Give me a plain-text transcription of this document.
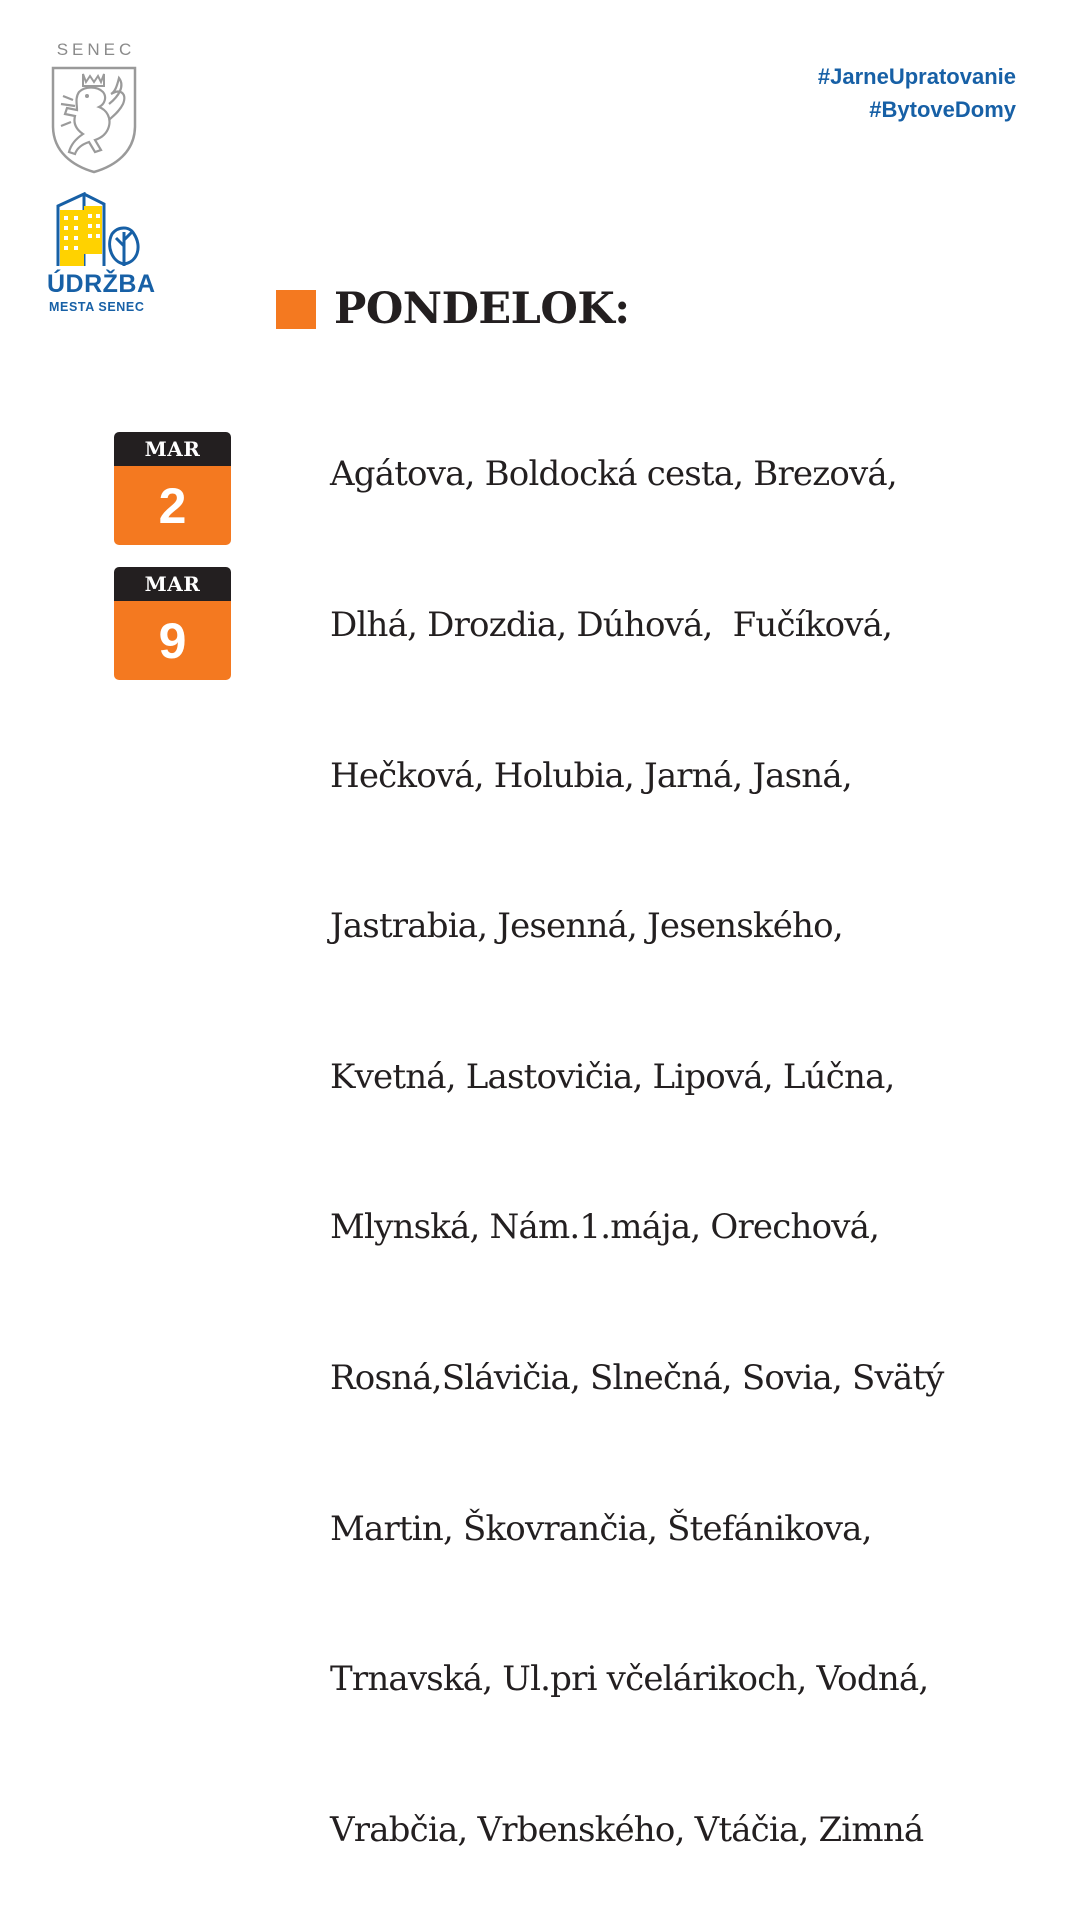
SENEC
ÚDRŽBA
MESTA SENEC
#JarneUpratovanie
#BytoveDomy
MAR
2
MAR
9
PONDELOK:

Agátova, Boldocká cesta, Brezová,

Dlhá, Drozdia, Dúhová,  Fučíková,

Hečková, Holubia, Jarná, Jasná,

Jastrabia, Jesenná, Jesenského,

Kvetná, Lastovičia, Lipová, Lúčna,

Mlynská, Nám.1.mája, Orechová,

Rosná,Slávičia, Slnečná, Sovia, Svätý

Martin, Škovrančia, Štefánikova,

Trnavská, Ul.pri včelárikoch, Vodná,

Vrabčia, Vrbenského, Vtáčia, Zimná
